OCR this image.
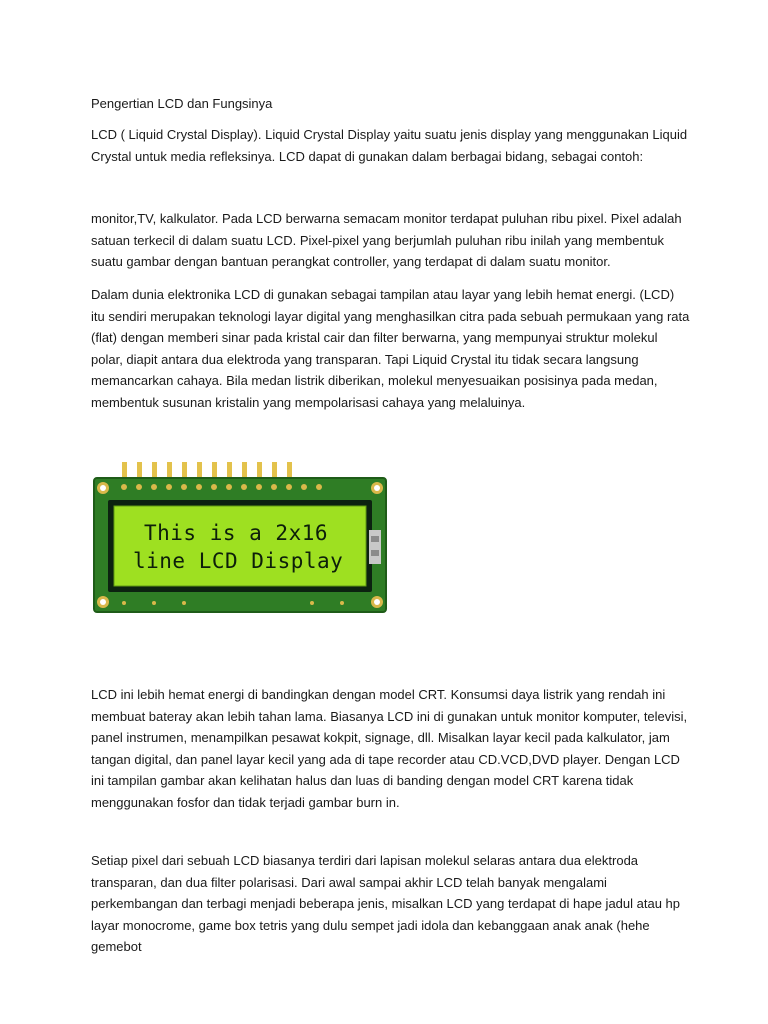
Pengertian LCD dan Fungsinya

LCD ( Liquid Crystal Display). Liquid Crystal Display yaitu suatu jenis display yang menggunakan Liquid Crystal untuk media refleksinya. LCD dapat di gunakan dalam berbagai bidang, sebagai contoh:

monitor,TV, kalkulator. Pada LCD berwarna semacam monitor terdapat puluhan ribu pixel. Pixel adalah satuan terkecil di dalam suatu LCD. Pixel-pixel yang berjumlah puluhan ribu inilah yang membentuk suatu gambar dengan bantuan perangkat controller, yang terdapat di dalam suatu monitor.

Dalam dunia elektronika LCD di gunakan sebagai tampilan atau layar yang lebih hemat energi. (LCD) itu sendiri merupakan teknologi layar digital yang menghasilkan citra pada sebuah permukaan yang rata (flat) dengan memberi sinar pada kristal cair dan filter berwarna, yang mempunyai struktur molekul polar, diapit antara dua elektroda yang transparan. Tapi Liquid Crystal itu tidak secara langsung memancarkan cahaya. Bila medan listrik diberikan, molekul menyesuaikan posisinya pada medan, membentuk susunan kristalin yang mempolarisasi cahaya yang melaluinya.

This is a 2x16
line LCD Display

LCD ini lebih hemat energi di bandingkan dengan model CRT. Konsumsi daya listrik yang rendah ini membuat bateray akan lebih tahan lama. Biasanya LCD ini di gunakan untuk monitor komputer, televisi, panel instrumen, menampilkan pesawat kokpit, signage, dll. Misalkan layar kecil pada kalkulator, jam tangan digital, dan panel layar kecil yang ada di tape recorder atau CD.VCD,DVD player. Dengan LCD ini tampilan gambar akan kelihatan halus dan luas di banding dengan model CRT karena tidak menggunakan fosfor dan tidak terjadi gambar burn in.

Setiap pixel dari sebuah LCD biasanya terdiri dari lapisan molekul selaras antara dua elektroda transparan, dan dua filter polarisasi. Dari awal sampai akhir LCD telah banyak mengalami perkembangan dan terbagi menjadi beberapa jenis, misalkan LCD yang terdapat di hape jadul atau hp layar monocrome, game box tetris yang dulu sempet jadi idola dan kebanggaan anak anak (hehe gemebot
